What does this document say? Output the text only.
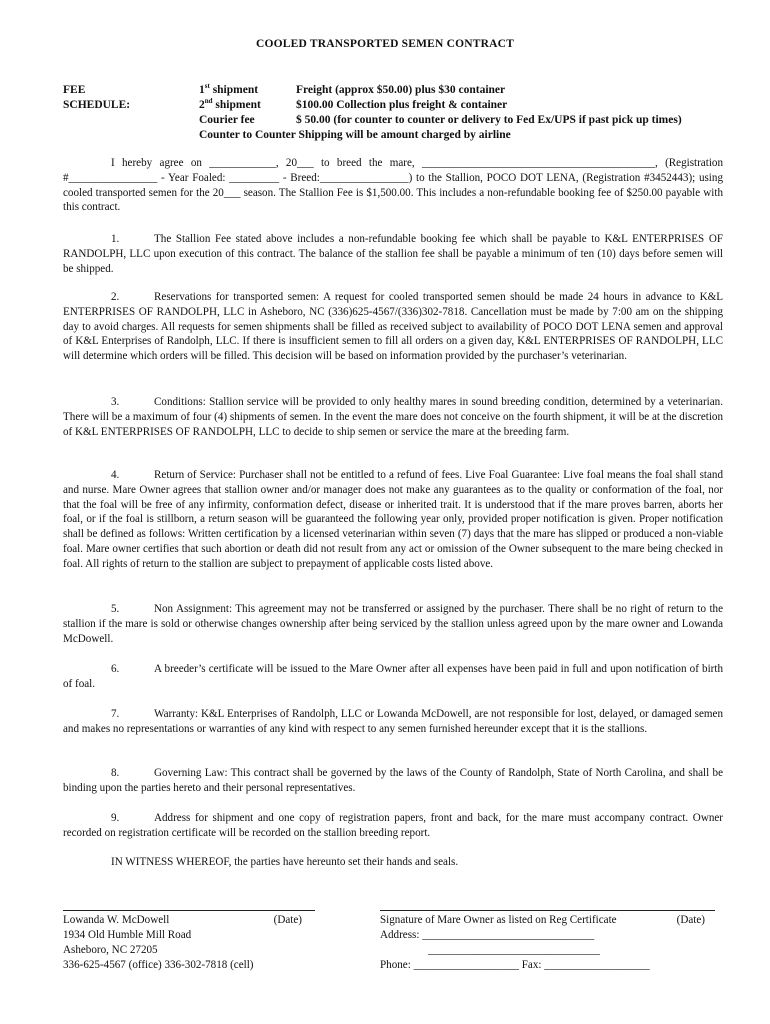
COOLED TRANSPORTED SEMEN CONTRACT
FEE
SCHEDULE:
1st shipment	Freight (approx $50.00) plus $30 container
2nd shipment	$100.00 Collection plus freight & container
Courier fee	$ 50.00 (for counter to counter or delivery to Fed Ex/UPS if past pick up times)
Counter to Counter Shipping will be amount charged by airline

I hereby agree on ____________, 20___ to breed the mare, __________________________________________, (Registration #________________ - Year Foaled: _________ - Breed:________________) to the Stallion, POCO DOT LENA, (Registration #3452443); using cooled transported semen for the 20___ season. The Stallion Fee is $1,500.00. This includes a non-refundable booking fee of $250.00 payable with this contract.

1.	The Stallion Fee stated above includes a non-refundable booking fee which shall be payable to K&L ENTERPRISES OF RANDOLPH, LLC upon execution of this contract. The balance of the stallion fee shall be payable a minimum of ten (10) days before semen will be shipped.

2.	Reservations for transported semen: A request for cooled transported semen should be made 24 hours in advance to K&L ENTERPRISES OF RANDOLPH, LLC in Asheboro, NC (336)625-4567/(336)302-7818. Cancellation must be made by 7:00 am on the shipping day to avoid charges. All requests for semen shipments shall be filled as received subject to availability of POCO DOT LENA semen and approval of K&L Enterprises of Randolph, LLC. If there is insufficient semen to fill all orders on a given day, K&L ENTERPRISES OF RANDOLPH, LLC will determine which orders will be filled. This decision will be based on information provided by the purchaser’s veterinarian.

3.	Conditions: Stallion service will be provided to only healthy mares in sound breeding condition, determined by a veterinarian. There will be a maximum of four (4) shipments of semen. In the event the mare does not conceive on the fourth shipment, it will be at the discretion of K&L ENTERPRISES OF RANDOLPH, LLC to decide to ship semen or service the mare at the breeding farm.

4.	Return of Service: Purchaser shall not be entitled to a refund of fees. Live Foal Guarantee: Live foal means the foal shall stand and nurse. Mare Owner agrees that stallion owner and/or manager does not make any guarantees as to the quality or conformation of the foal, nor that the foal will be free of any infirmity, conformation defect, disease or inherited trait. It is understood that if the mare proves barren, aborts her foal, or if the foal is stillborn, a return season will be guaranteed the following year only, provided proper notification is given. Proper notification shall be defined as follows: Written certification by a licensed veterinarian within seven (7) days that the mare has slipped or produced a non-viable foal. Mare owner certifies that such abortion or death did not result from any act or omission of the Owner subsequent to the mare being checked in foal. All rights of return to the stallion are subject to prepayment of applicable costs listed above.

5.	Non Assignment: This agreement may not be transferred or assigned by the purchaser. There shall be no right of return to the stallion if the mare is sold or otherwise changes ownership after being serviced by the stallion unless agreed upon by the mare owner and Lowanda McDowell.

6.	A breeder’s certificate will be issued to the Mare Owner after all expenses have been paid in full and upon notification of birth of foal.

7.	Warranty: K&L Enterprises of Randolph, LLC or Lowanda McDowell, are not responsible for lost, delayed, or damaged semen and makes no representations or warranties of any kind with respect to any semen furnished hereunder except that it is the stallions.

8.	Governing Law: This contract shall be governed by the laws of the County of Randolph, State of North Carolina, and shall be binding upon the parties hereto and their personal representatives.

9.	Address for shipment and one copy of registration papers, front and back, for the mare must accompany contract. Owner recorded on registration certificate will be recorded on the stallion breeding report.

IN WITNESS WHEREOF, the parties have hereunto set their hands and seals.

Lowanda W. McDowell	(Date)
1934 Old Humble Mill Road
Asheboro, NC 27205
336-625-4567 (office) 336-302-7818 (cell)
Signature of Mare Owner as listed on Reg Certificate	(Date)
Address: _______________________________
_______________________________
Phone: ___________________ Fax: ___________________
